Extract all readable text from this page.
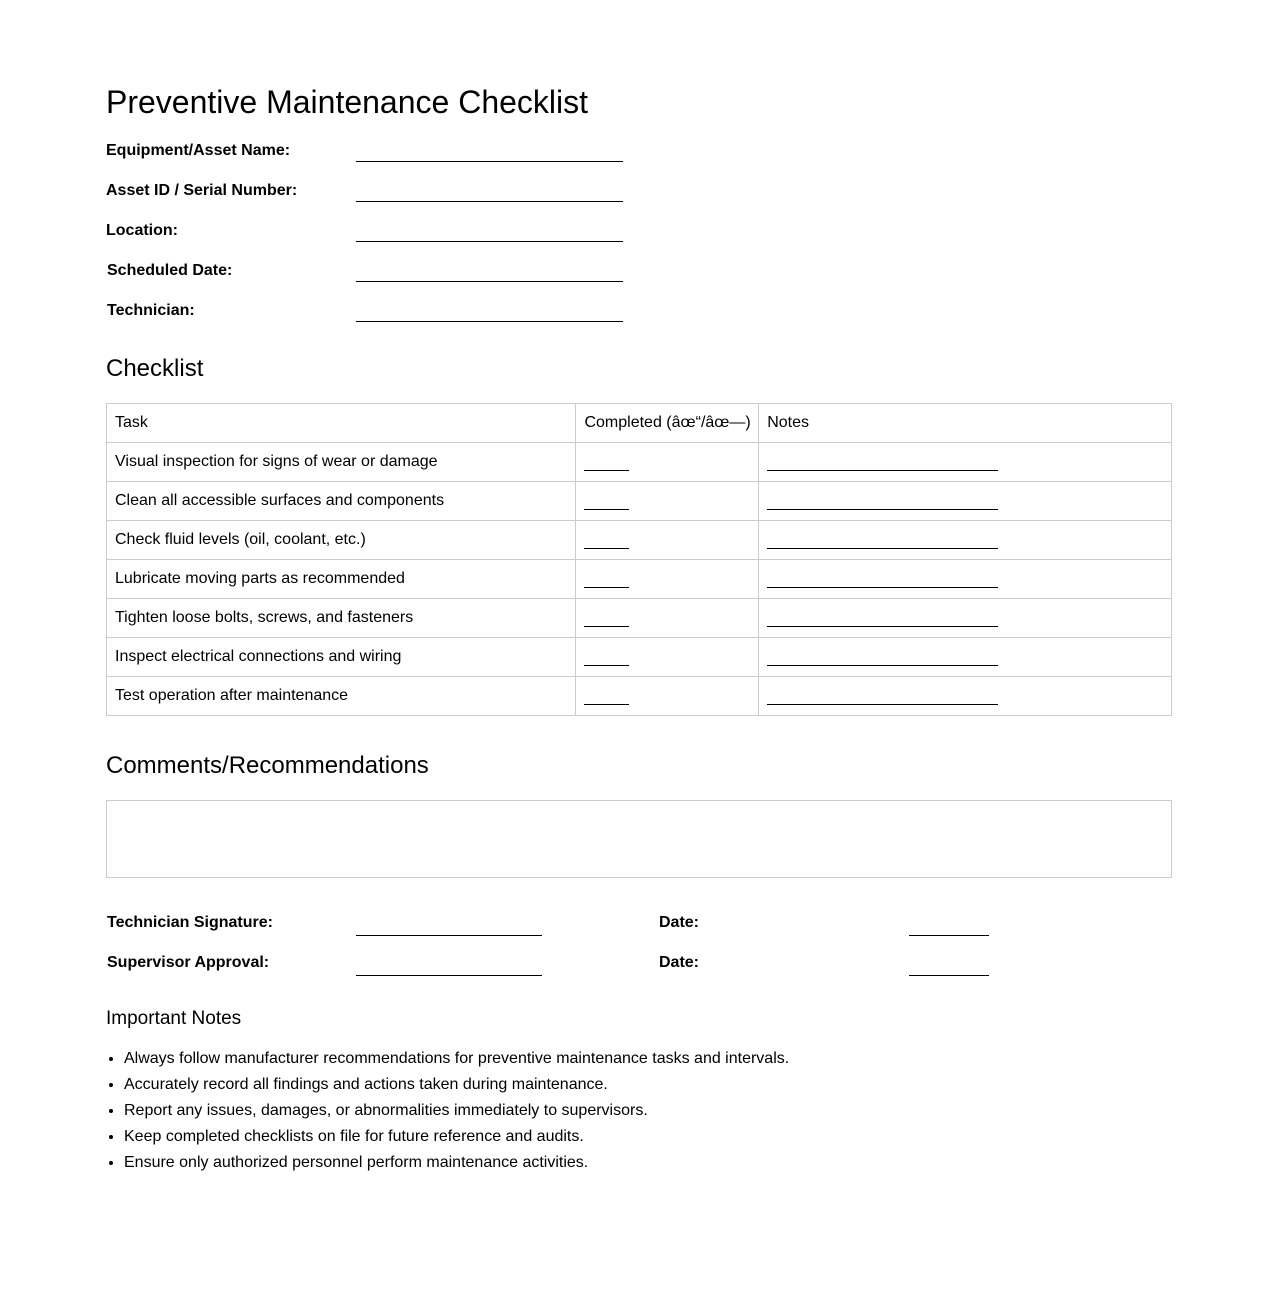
Preventive Maintenance Checklist
Equipment/Asset Name:
Asset ID / Serial Number:
Location:
Scheduled Date:
Technician:
Checklist
Task	Completed (âœ“/âœ—)	Notes
Visual inspection for signs of wear or damage	

Clean all accessible surfaces and components	

Check fluid levels (oil, coolant, etc.)	

Lubricate moving parts as recommended	

Tighten loose bolts, screws, and fasteners	

Inspect electrical connections and wiring	

Test operation after maintenance	

Comments/Recommendations
Technician Signature:	Date:
Supervisor Approval:	Date:
Important Notes
• Always follow manufacturer recommendations for preventive maintenance tasks and intervals.
• Accurately record all findings and actions taken during maintenance.
• Report any issues, damages, or abnormalities immediately to supervisors.
• Keep completed checklists on file for future reference and audits.
• Ensure only authorized personnel perform maintenance activities.
